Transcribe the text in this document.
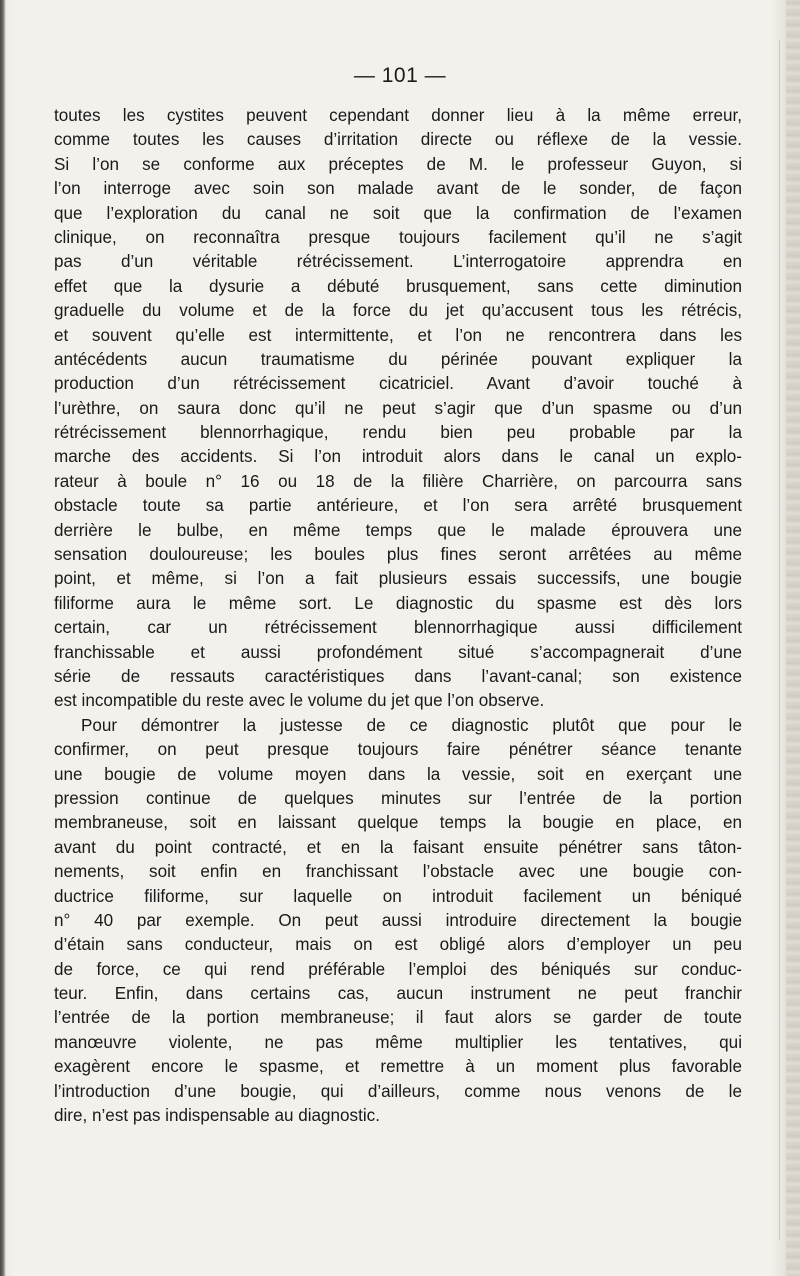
— 101 —
toutes les cystites peuvent cependant donner lieu à la même erreur,
comme toutes les causes d’irritation directe ou réflexe de la vessie.
Si l’on se conforme aux préceptes de M. le professeur Guyon, si
l’on interroge avec soin son malade avant de le sonder, de façon
que l’exploration du canal ne soit que la confirmation de l’examen
clinique, on reconnaîtra presque toujours facilement qu’il ne s’agit
pas d’un véritable rétrécissement. L’interrogatoire apprendra en
effet que la dysurie a débuté brusquement, sans cette diminution
graduelle du volume et de la force du jet qu’accusent tous les rétrécis,
et souvent qu’elle est intermittente, et l’on ne rencontrera dans les
antécédents aucun traumatisme du périnée pouvant expliquer la
production d’un rétrécissement cicatriciel. Avant d’avoir touché à
l’urèthre, on saura donc qu’il ne peut s’agir que d’un spasme ou d’un
rétrécissement blennorrhagique, rendu bien peu probable par la
marche des accidents. Si l’on introduit alors dans le canal un explo-
rateur à boule n° 16 ou 18 de la filière Charrière, on parcourra sans
obstacle toute sa partie antérieure, et l’on sera arrêté brusquement
derrière le bulbe, en même temps que le malade éprouvera une
sensation douloureuse; les boules plus fines seront arrêtées au même
point, et même, si l’on a fait plusieurs essais successifs, une bougie
filiforme aura le même sort. Le diagnostic du spasme est dès lors
certain, car un rétrécissement blennorrhagique aussi difficilement
franchissable et aussi profondément situé s’accompagnerait d’une
série de ressauts caractéristiques dans l’avant-canal; son existence
est incompatible du reste avec le volume du jet que l’on observe.
Pour démontrer la justesse de ce diagnostic plutôt que pour le
confirmer, on peut presque toujours faire pénétrer séance tenante
une bougie de volume moyen dans la vessie, soit en exerçant une
pression continue de quelques minutes sur l’entrée de la portion
membraneuse, soit en laissant quelque temps la bougie en place, en
avant du point contracté, et en la faisant ensuite pénétrer sans tâton-
nements, soit enfin en franchissant l’obstacle avec une bougie con-
ductrice filiforme, sur laquelle on introduit facilement un béniqué
n° 40 par exemple. On peut aussi introduire directement la bougie
d’étain sans conducteur, mais on est obligé alors d’employer un peu
de force, ce qui rend préférable l’emploi des béniqués sur conduc-
teur. Enfin, dans certains cas, aucun instrument ne peut franchir
l’entrée de la portion membraneuse; il faut alors se garder de toute
manœuvre violente, ne pas même multiplier les tentatives, qui
exagèrent encore le spasme, et remettre à un moment plus favorable
l’introduction d’une bougie, qui d’ailleurs, comme nous venons de le
dire, n’est pas indispensable au diagnostic.
